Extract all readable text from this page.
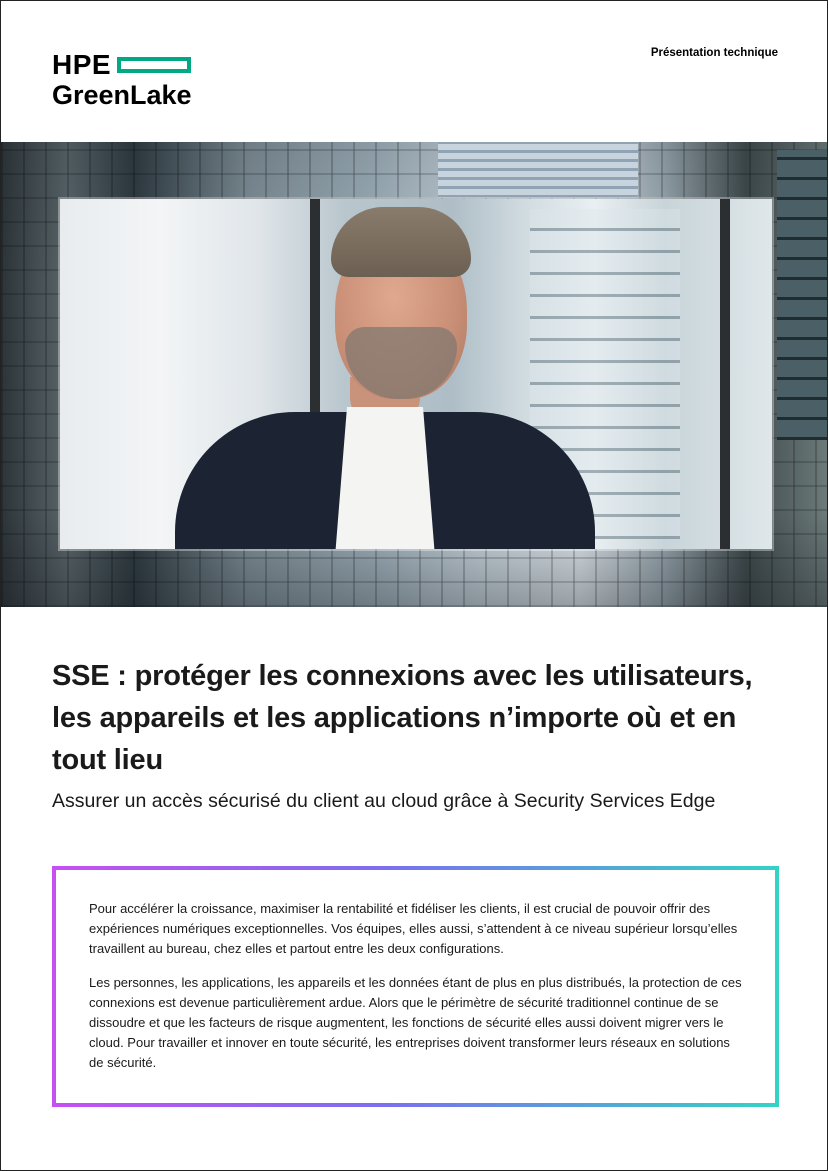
HPE
GreenLake
Présentation technique
SSE : protéger les connexions avec les utilisateurs, les appareils et les applications n’importe où et en tout lieu

Assurer un accès sécurisé du client au cloud grâce à Security Services Edge

Pour accélérer la croissance, maximiser la rentabilité et fidéliser les clients, il est crucial de pouvoir offrir des expériences numériques exceptionnelles. Vos équipes, elles aussi, s’attendent à ce niveau supérieur lorsqu’elles travaillent au bureau, chez elles et partout entre les deux configurations.

Les personnes, les applications, les appareils et les données étant de plus en plus distribués, la protection de ces connexions est devenue particulièrement ardue. Alors que le périmètre de sécurité traditionnel continue de se dissoudre et que les facteurs de risque augmentent, les fonctions de sécurité elles aussi doivent migrer vers le cloud. Pour travailler et innover en toute sécurité, les entreprises doivent transformer leurs réseaux en solutions de sécurité.
